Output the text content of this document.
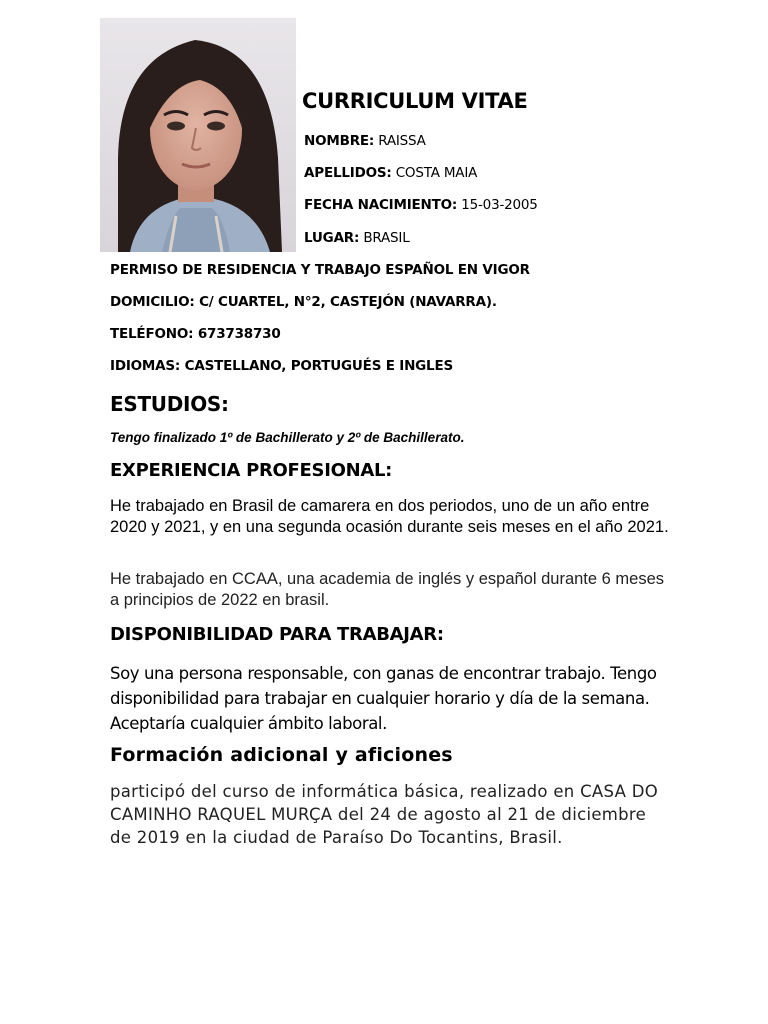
CURRICULUM VITAE
NOMBRE: RAISSA
APELLIDOS: COSTA MAIA
FECHA NACIMIENTO: 15-03-2005
LUGAR: BRASIL
PERMISO DE RESIDENCIA Y TRABAJO ESPAÑOL EN VIGOR
DOMICILIO: C/ CUARTEL, N°2, CASTEJÓN (NAVARRA).
TELÉFONO: 673738730
IDIOMAS: CASTELLANO, PORTUGUÉS E INGLES
ESTUDIOS:
Tengo finalizado 1º de Bachillerato y 2º de Bachillerato.
EXPERIENCIA PROFESIONAL:
He trabajado en Brasil de camarera en dos periodos, uno de un año entre 2020 y 2021, y en una segunda ocasión durante seis meses en el año 2021.
He trabajado en CCAA, una academia de inglés y español durante 6 meses a principios de 2022 en brasil.
DISPONIBILIDAD PARA TRABAJAR:
Soy una persona responsable, con ganas de encontrar trabajo. Tengo disponibilidad para trabajar en cualquier horario y día de la semana. Aceptaría cualquier ámbito laboral.
Formación adicional y aficiones
participó del curso de informática básica, realizado en CASA DO CAMINHO RAQUEL MURÇA del 24 de agosto al 21 de diciembre de 2019 en la ciudad de Paraíso Do Tocantins, Brasil.
